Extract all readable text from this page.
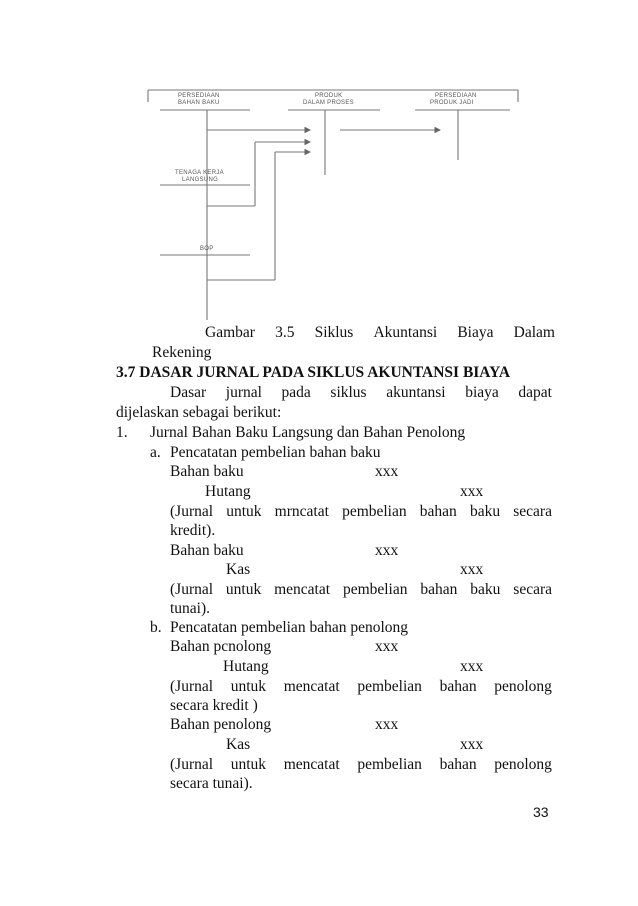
PERSEDIAAN
BAHAN BAKU
PRODUK
DALAM PROSES
PERSEDIAAN
PRODUK JADI
TENAGA KERJA
LANGSUNG
BOP
Gambar 3.5 Siklus Akuntansi Biaya Dalam
Rekening
3.7 DASAR JURNAL PADA SIKLUS AKUNTANSI BIAYA
Dasar jurnal pada siklus akuntansi biaya dapat
dijelaskan sebagai berikut:
1. Jurnal Bahan Baku Langsung dan Bahan Penolong
a. Pencatatan pembelian bahan baku
Bahan baku	xxx
Hutang	xxx
(Jurnal untuk mrncatat pembelian bahan baku secara
kredit).
Bahan baku	xxx
Kas	xxx
(Jurnal untuk mencatat pembelian bahan baku secara
tunai).
b. Pencatatan pembelian bahan penolong
Bahan pcnolong	xxx
Hutang	xxx
(Jurnal untuk mencatat pembelian bahan penolong
secara kredit )
Bahan penolong	xxx
Kas	xxx
(Jurnal untuk mencatat pembelian bahan penolong
secara tunai).
33
